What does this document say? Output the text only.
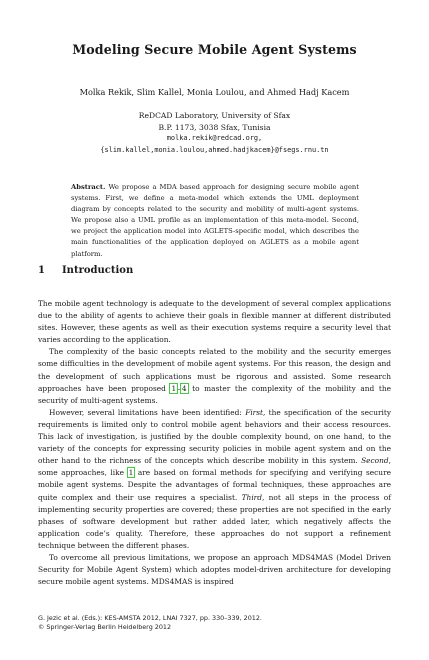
Modeling Secure Mobile Agent Systems
Molka Rekik, Slim Kallel, Monia Loulou, and Ahmed Hadj Kacem
ReDCAD Laboratory, University of Sfax
B.P. 1173, 3038 Sfax, Tunisia
molka.rekik@redcad.org,
{slim.kallel,monia.loulou,ahmed.hadjkacem}@fsegs.rnu.tn
Abstract. We propose a MDA based approach for designing secure mobile agent systems. First, we define a meta-model which extends the UML deployment diagram by concepts related to the security and mobility of multi-agent systems. We propose also a UML profile as an implementation of this meta-model. Second, we project the application model into AGLETS-specific model, which describes the main functionalities of the application deployed on AGLETS as a mobile agent platform.
1 Introduction

The mobile agent technology is adequate to the development of several complex applications due to the ability of agents to achieve their goals in flexible manner at different distributed sites. However, these agents as well as their execution systems require a security level that varies according to the application.

The complexity of the basic concepts related to the mobility and the security emerges some difficulties in the development of mobile agent systems. For this reason, the design and the development of such applications must be rigorous and assisted. Some research approaches have been proposed 1–4 to master the complexity of the mobility and the security of multi-agent systems.

However, several limitations have been identified: First, the specification of the security requirements is limited only to control mobile agent behaviors and their access resources. This lack of investigation, is justified by the double complexity bound, on one hand, to the variety of the concepts for expressing security policies in mobile agent system and on the other hand to the richness of the concepts which describe mobility in this system. Second, some approaches, like 1 are based on formal methods for specifying and verifying secure mobile agent systems. Despite the advantages of formal techniques, these approaches are quite complex and their use requires a specialist. Third, not all steps in the process of implementing security properties are covered; these properties are not specified in the early phases of software development but rather added later, which negatively affects the application code’s quality. Therefore, these approaches do not support a refinement technique between the different phases.

To overcome all previous limitations, we propose an approach MDS4MAS (Model Driven Security for Mobile Agent System) which adoptes model-driven architecture for developing secure mobile agent systems. MDS4MAS is inspired

G. Jezic et al. (Eds.): KES-AMSTA 2012, LNAI 7327, pp. 330–339, 2012.
© Springer-Verlag Berlin Heidelberg 2012
